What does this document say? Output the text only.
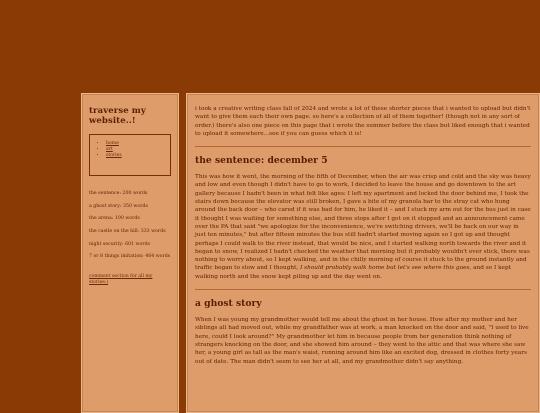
traverse my website..!
• home
• art
• stories
the sentence: 200 words
a ghost story: 350 words
the arena: 100 words
the castle on the hill: 333 words
night security: 601 words
7 or 8 things imitation: 464 words
comment section for all my stories:)

i took a creative writing class fall of 2024 and wrote a lot of these shorter pieces that i wanted to upload but didn't want to give them each their own page. so here's a collection of all of them together! (though not in any sort of order.) there's also one piece on this page that i wrote the summer before the class but liked enough that i wanted to upload it somewhere...see if you can guess which it is!

the sentence: december 5

This was how it went, the morning of the fifth of December, when the air was crisp and cold and the sky was heavy and low and even though I didn't have to go to work, I decided to leave the house and go downtown to the art gallery because I hadn't been in what felt like ages: I left my apartment and locked the door behind me, I took the stairs down because the elevator was still broken, I gave a bite of my granola bar to the stray cat who hung around the back door – who cared if it was bad for him, he liked it – and I stuck my arm out for the bus just in case it thought I was waiting for something else, and three stops after I got on it stopped and an announcement came over the PA that said "we apologize for the inconvenience, we're switching drivers, we'll be back on our way in just ten minutes," but after fifteen minutes the bus still hadn't started moving again so I got up and thought perhaps I could walk to the river instead, that would be nice, and I started walking north towards the river and it began to snow, I realized I hadn't checked the weather that morning but it probably wouldn't ever stick, there was nothing to worry about, so I kept walking, and in the chilly morning of course it stuck to the ground instantly and traffic began to slow and I thought, I should probably walk home but let's see where this goes, and so I kept walking north and the snow kept piling up and the day went on.

a ghost story

When I was young my grandmother would tell me about the ghost in her house. How after my mother and her siblings all had moved out, while my grandfather was at work, a man knocked on the door and said, "I used to live here, could I look around?" My grandmother let him in because people from her generation think nothing of strangers knocking on the door, and she showed him around – they went to the attic and that was where she saw her, a young girl as tall as the man's waist, running around him like an excited dog, dressed in clothes forty years out of date. The man didn't seem to see her at all, and my grandmother didn't say anything.
